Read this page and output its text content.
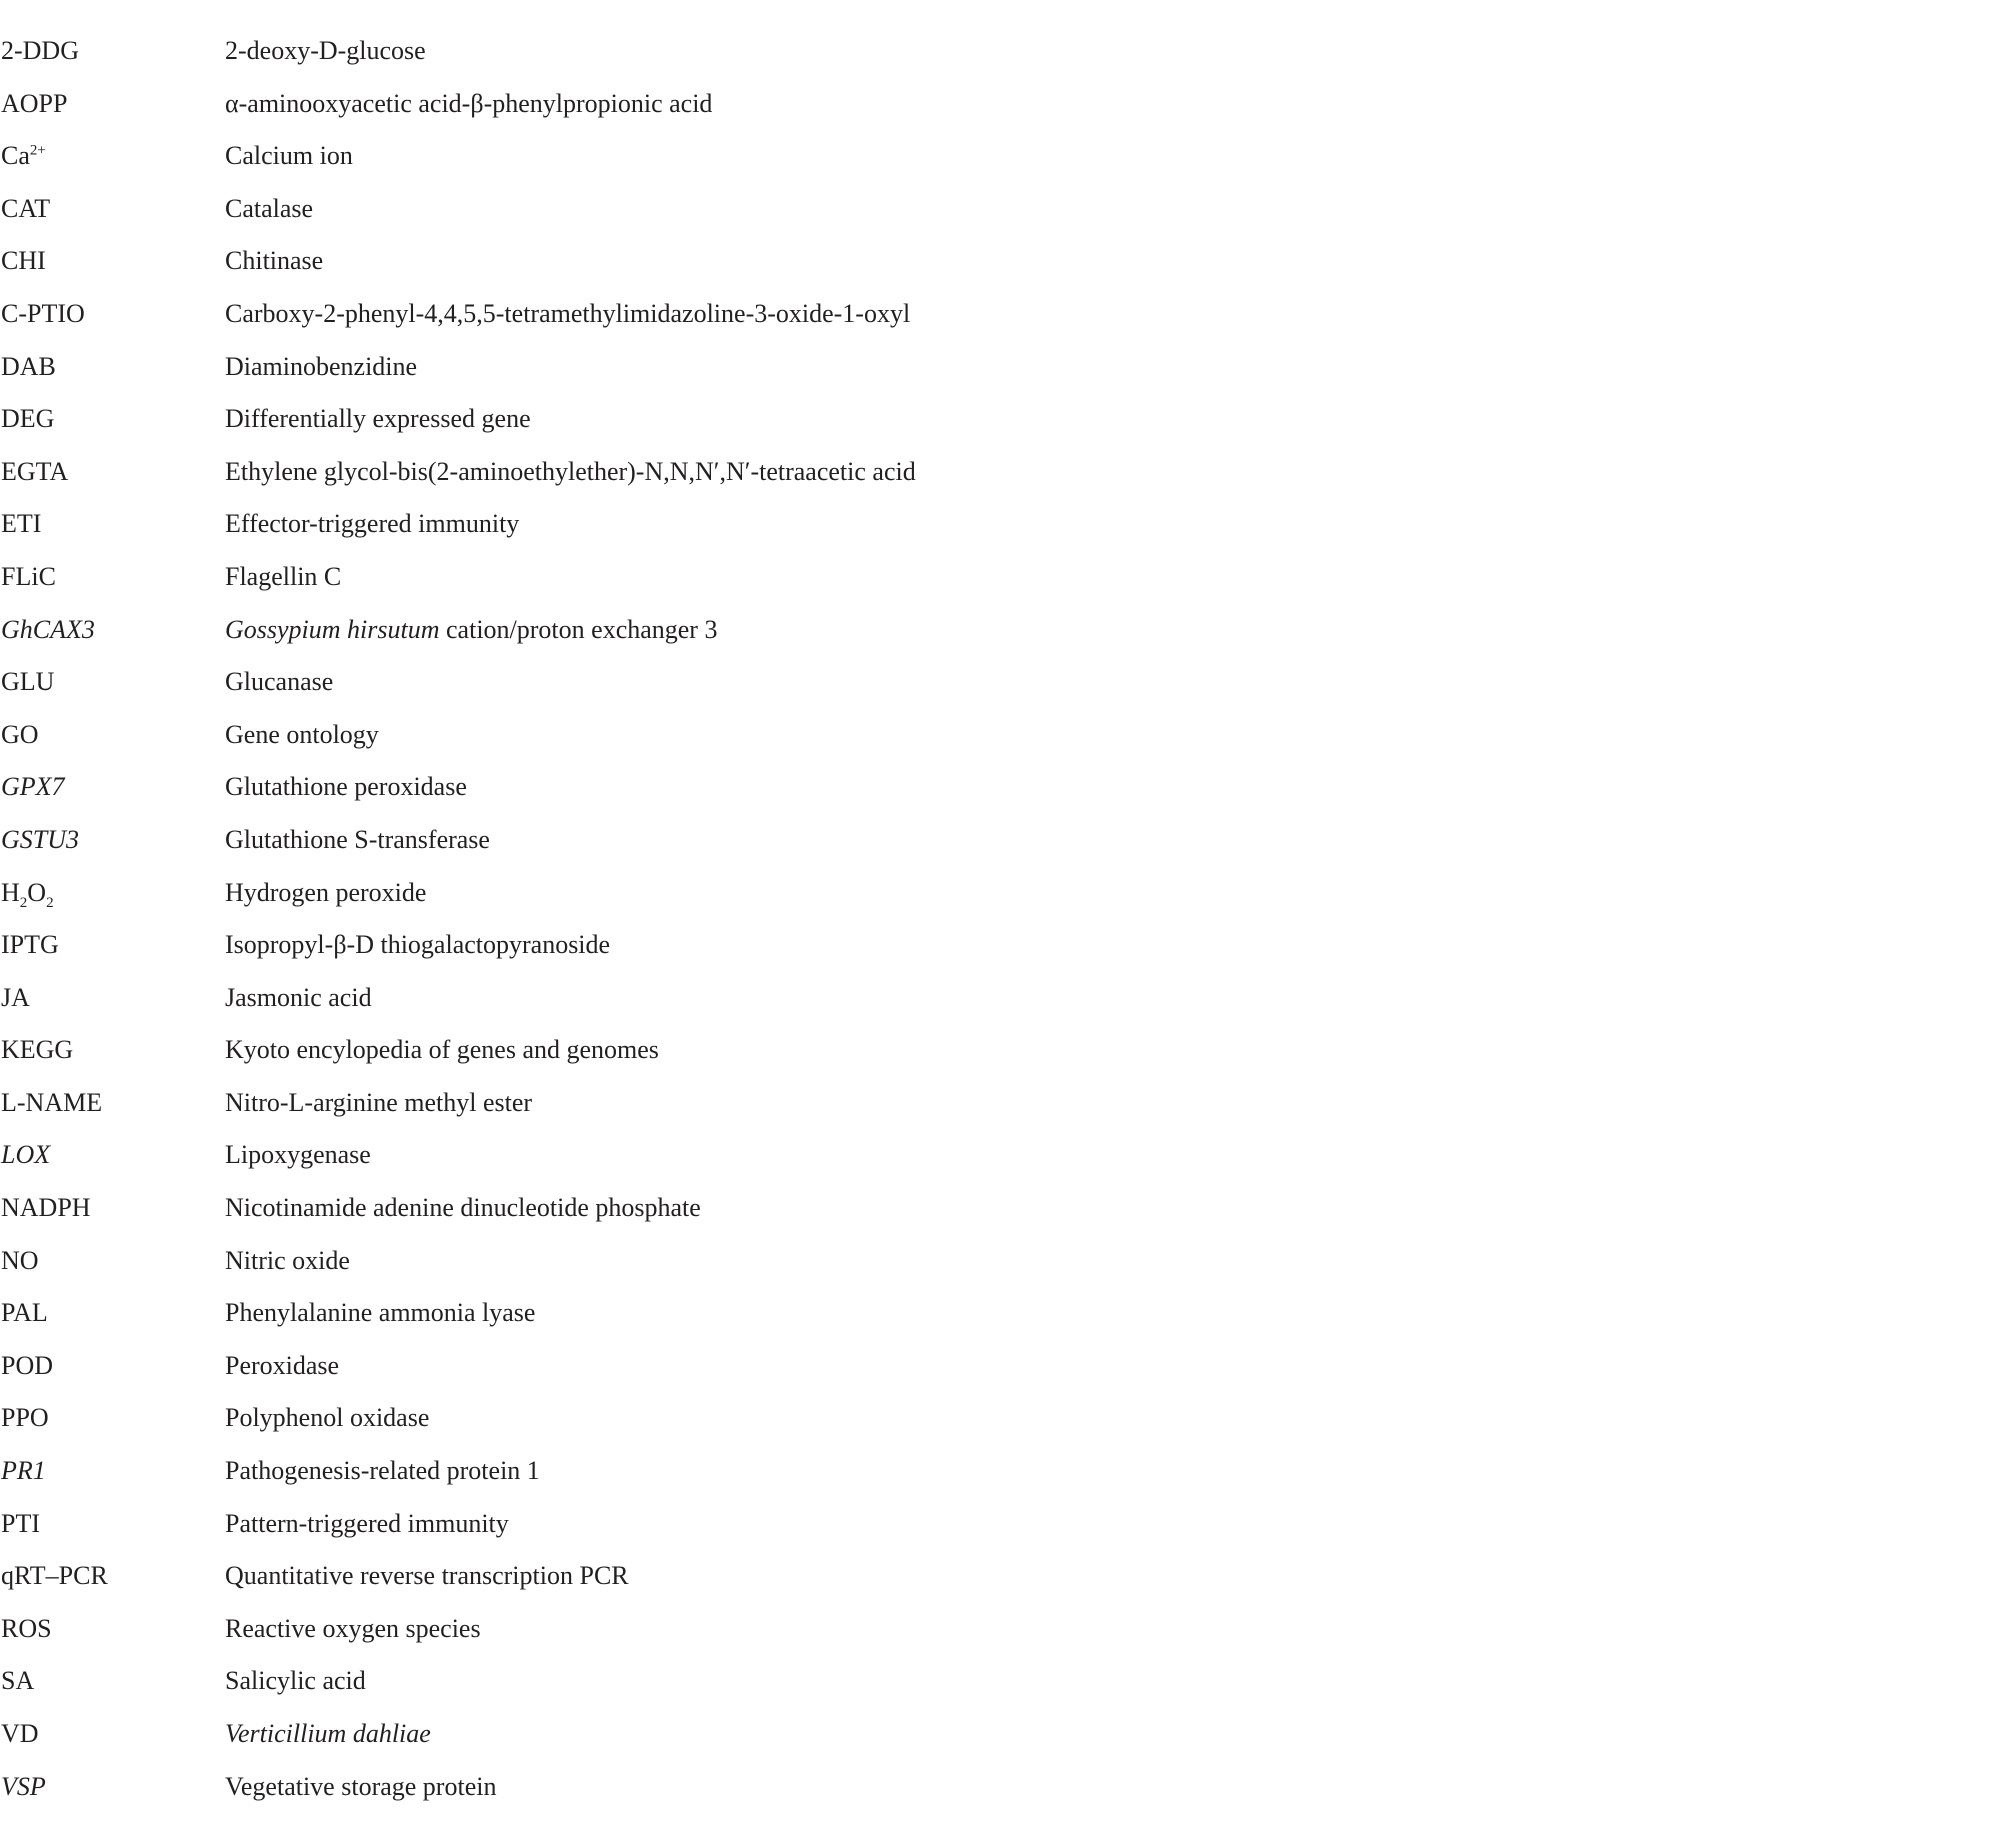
2-DDG	2-deoxy-D-glucose
AOPP	α-aminooxyacetic acid-β-phenylpropionic acid
$Ca^{2+}$	Calcium ion
CAT	Catalase
CHI	Chitinase
C-PTIO	Carboxy-2-phenyl-4,4,5,5-tetramethylimidazoline-3-oxide-1-oxyl
DAB	Diaminobenzidine
DEG	Differentially expressed gene
EGTA	Ethylene glycol-bis(2-aminoethylether)-N,N,N′,N′-tetraacetic acid
ETI	Effector-triggered immunity
FLiC	Flagellin C
GhCAX3	Gossypium hirsutum cation/proton exchanger 3
GLU	Glucanase
GO	Gene ontology
GPX7	Glutathione peroxidase
GSTU3	Glutathione S-transferase
$H_2O_2$	Hydrogen peroxide
IPTG	Isopropyl-β-D thiogalactopyranoside
JA	Jasmonic acid
KEGG	Kyoto encylopedia of genes and genomes
L-NAME	Nitro-L-arginine methyl ester
LOX	Lipoxygenase
NADPH	Nicotinamide adenine dinucleotide phosphate
NO	Nitric oxide
PAL	Phenylalanine ammonia lyase
POD	Peroxidase
PPO	Polyphenol oxidase
PR1	Pathogenesis-related protein 1
PTI	Pattern-triggered immunity
qRT–PCR	Quantitative reverse transcription PCR
ROS	Reactive oxygen species
SA	Salicylic acid
VD	Verticillium dahliae
VSP	Vegetative storage protein
